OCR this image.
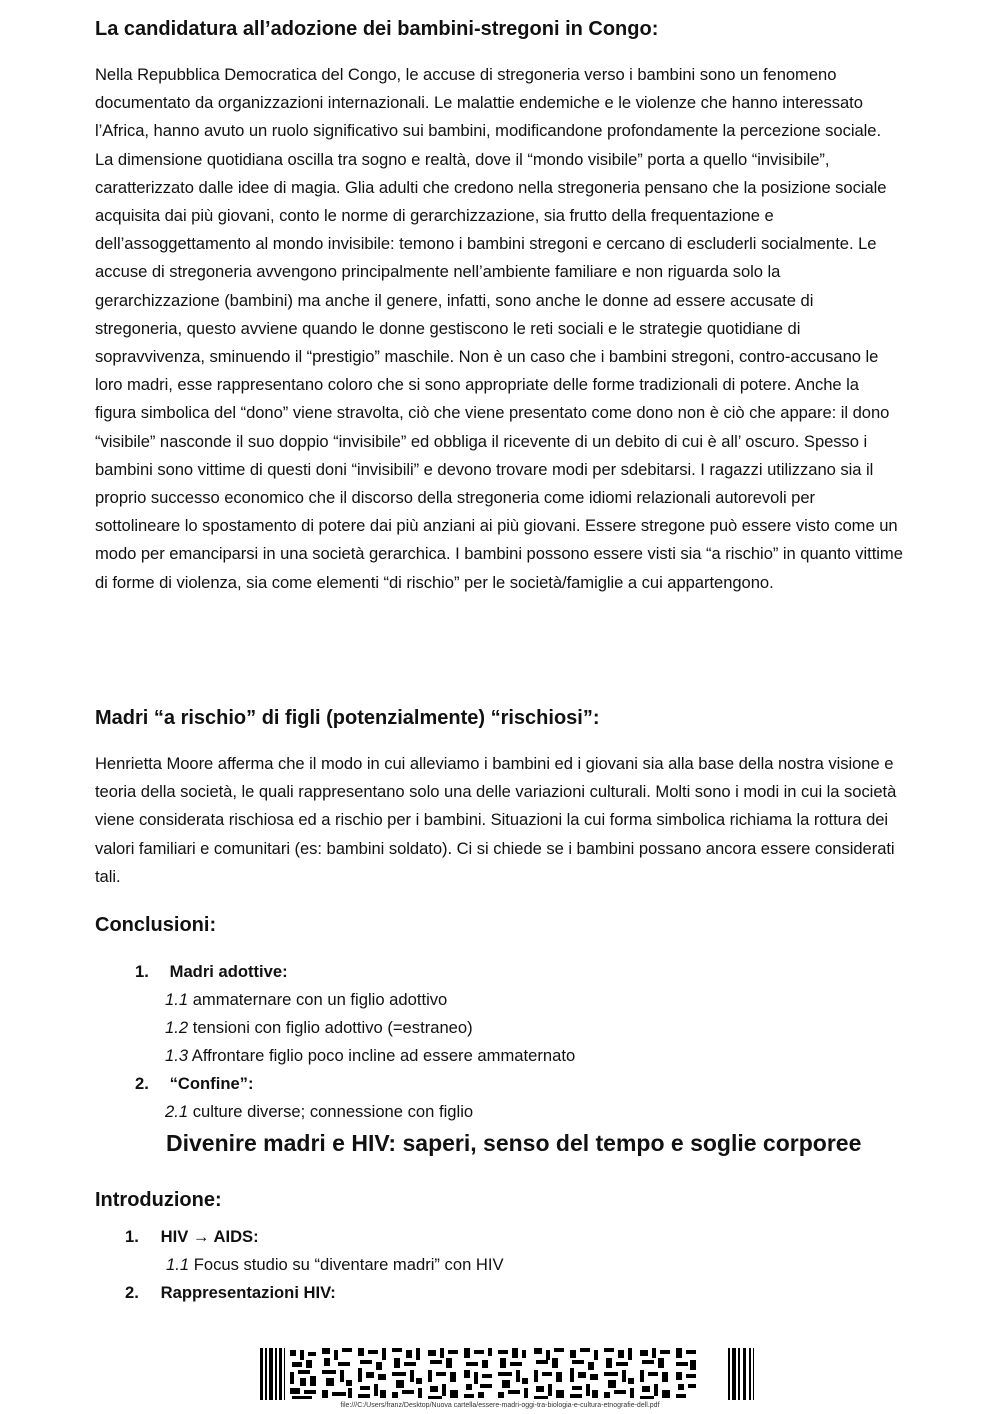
La candidatura all’adozione dei bambini-stregoni in Congo:

Nella Repubblica Democratica del Congo, le accuse di stregoneria verso i bambini sono un fenomeno documentato da organizzazioni internazionali. Le malattie endemiche e le violenze che hanno interessato l’Africa, hanno avuto un ruolo significativo sui bambini, modificandone profondamente la percezione sociale. La dimensione quotidiana oscilla tra sogno e realtà, dove il “mondo visibile” porta a quello “invisibile”, caratterizzato dalle idee di magia. Glia adulti che credono nella stregoneria pensano che la posizione sociale acquisita dai più giovani, conto le norme di gerarchizzazione, sia frutto della frequentazione e dell’assoggettamento al mondo invisibile: temono i bambini stregoni e cercano di escluderli socialmente. Le accuse di stregoneria avvengono principalmente nell’ambiente familiare e non riguarda solo la gerarchizzazione (bambini) ma anche il genere, infatti, sono anche le donne ad essere accusate di stregoneria, questo avviene quando le donne gestiscono le reti sociali e le strategie quotidiane di sopravvivenza, sminuendo il “prestigio” maschile. Non è un caso che i bambini stregoni, contro-accusano le loro madri, esse rappresentano coloro che si sono appropriate delle forme tradizionali di potere. Anche la figura simbolica del “dono” viene stravolta, ciò che viene presentato come dono non è ciò che appare: il dono “visibile” nasconde il suo doppio “invisibile” ed obbliga il ricevente di un debito di cui è all’ oscuro. Spesso i bambini sono vittime di questi doni “invisibili” e devono trovare modi per sdebitarsi. I ragazzi utilizzano sia il proprio successo economico che il discorso della stregoneria come idiomi relazionali autorevoli per sottolineare lo spostamento di potere dai più anziani ai più giovani. Essere stregone può essere visto come un modo per emanciparsi in una società gerarchica. I bambini possono essere visti sia “a rischio” in quanto vittime di forme di violenza, sia come elementi “di rischio” per le società/famiglie a cui appartengono.

Madri “a rischio” di figli (potenzialmente) “rischiosi”:

Henrietta Moore afferma che il modo in cui alleviamo i bambini ed i giovani sia alla base della nostra visione e teoria della società, le quali rappresentano solo una delle variazioni culturali. Molti sono i modi in cui la società viene considerata rischiosa ed a rischio per i bambini. Situazioni la cui forma simbolica richiama la rottura dei valori familiari e comunitari (es: bambini soldato). Ci si chiede se i bambini possano ancora essere considerati tali.

Conclusioni:
1. Madri adottive:
1.1 ammaternare con un figlio adottivo
1.2 tensioni con figlio adottivo (=estraneo)
1.3 Affrontare figlio poco incline ad essere ammaternato
2. “Confine”:
2.1 culture diverse; connessione con figlio
Divenire madri e HIV: saperi, senso del tempo e soglie corporee
Introduzione:
1. HIV → AIDS:
1.1 Focus studio su “diventare madri” con HIV
2. Rappresentazioni HIV:
file:///C:/Users/franz/Desktop/Nuova cartella/essere-madri-oggi-tra-biologia-e-cultura-etnografie-dell.pdf
